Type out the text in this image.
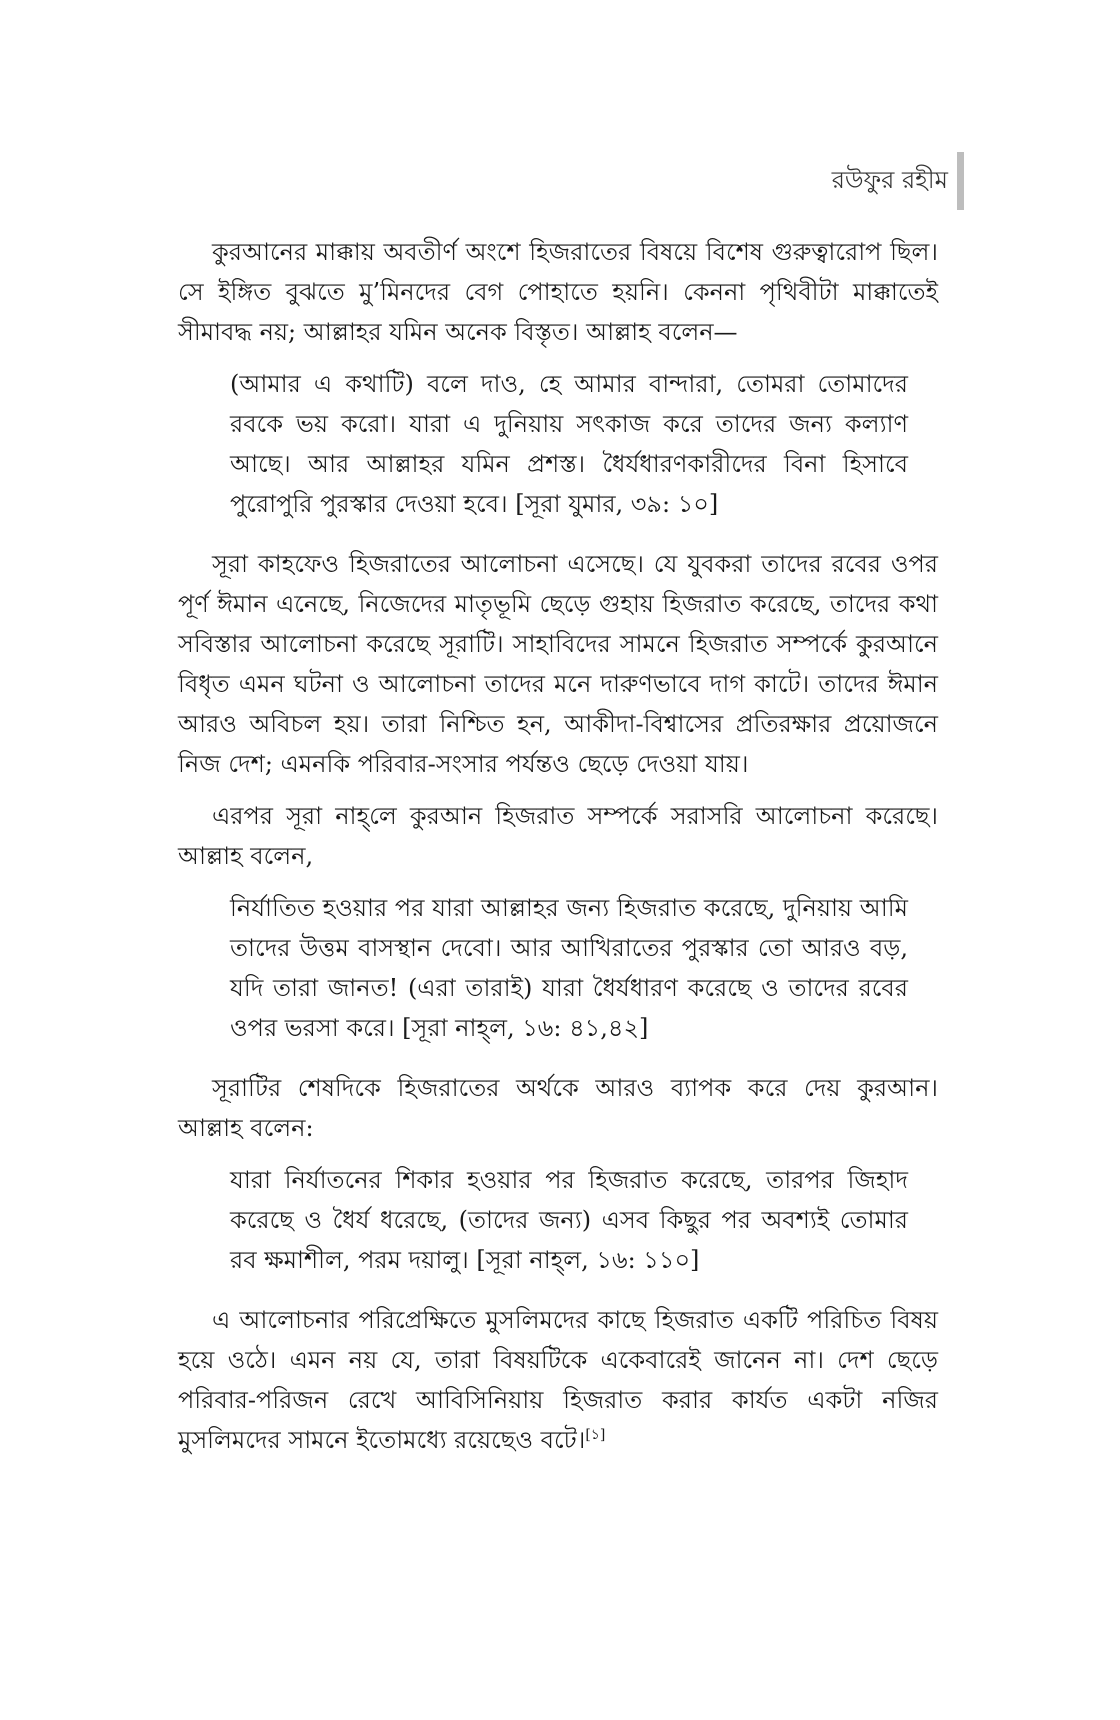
রউফুর রহীম

কুরআনের মাক্কায় অবতীর্ণ অংশে হিজরাতের বিষয়ে বিশেষ গুরুত্বারোপ ছিল। সে ইঙ্গিত বুঝতে মু’মিনদের বেগ পোহাতে হয়নি। কেননা পৃথিবীটা মাক্কাতেই সীমাবদ্ধ নয়; আল্লাহর যমিন অনেক বিস্তৃত। আল্লাহ বলেন—

(আমার এ কথাটি) বলে দাও, হে আমার বান্দারা, তোমরা তোমাদের রবকে ভয় করো। যারা এ দুনিয়ায় সৎকাজ করে তাদের জন্য কল্যাণ আছে। আর আল্লাহর যমিন প্রশস্ত। ধৈর্যধারণকারীদের বিনা হিসাবে পুরোপুরি পুরস্কার দেওয়া হবে। [সূরা যুমার, ৩৯: ১০]

সূরা কাহফেও হিজরাতের আলোচনা এসেছে। যে যুবকরা তাদের রবের ওপর পূর্ণ ঈমান এনেছে, নিজেদের মাতৃভূমি ছেড়ে গুহায় হিজরাত করেছে, তাদের কথা সবিস্তার আলোচনা করেছে সূরাটি। সাহাবিদের সামনে হিজরাত সম্পর্কে কুরআনে বিধৃত এমন ঘটনা ও আলোচনা তাদের মনে দারুণভাবে দাগ কাটে। তাদের ঈমান আরও অবিচল হয়। তারা নিশ্চিত হন, আকীদা-বিশ্বাসের প্রতিরক্ষার প্রয়োজনে নিজ দেশ; এমনকি পরিবার-সংসার পর্যন্তও ছেড়ে দেওয়া যায়।

এরপর সূরা নাহ্‌লে কুরআন হিজরাত সম্পর্কে সরাসরি আলোচনা করেছে। আল্লাহ বলেন,

নির্যাতিত হওয়ার পর যারা আল্লাহর জন্য হিজরাত করেছে, দুনিয়ায় আমি তাদের উত্তম বাসস্থান দেবো। আর আখিরাতের পুরস্কার তো আরও বড়, যদি তারা জানত! (এরা তারাই) যারা ধৈর্যধারণ করেছে ও তাদের রবের ওপর ভরসা করে। [সূরা নাহ্‌ল, ১৬: ৪১,৪২]

সূরাটির শেষদিকে হিজরাতের অর্থকে আরও ব্যাপক করে দেয় কুরআন। আল্লাহ বলেন:

যারা নির্যাতনের শিকার হওয়ার পর হিজরাত করেছে, তারপর জিহাদ করেছে ও ধৈর্য ধরেছে, (তাদের জন্য) এসব কিছুর পর অবশ্যই তোমার রব ক্ষমাশীল, পরম দয়ালু। [সূরা নাহ্‌ল, ১৬: ১১০]

এ আলোচনার পরিপ্রেক্ষিতে মুসলিমদের কাছে হিজরাত একটি পরিচিত বিষয় হয়ে ওঠে। এমন নয় যে, তারা বিষয়টিকে একেবারেই জানেন না। দেশ ছেড়ে পরিবার-পরিজন রেখে আবিসিনিয়ায় হিজরাত করার কার্যত একটা নজির মুসলিমদের সামনে ইতোমধ্যে রয়েছেও বটে।[১]
